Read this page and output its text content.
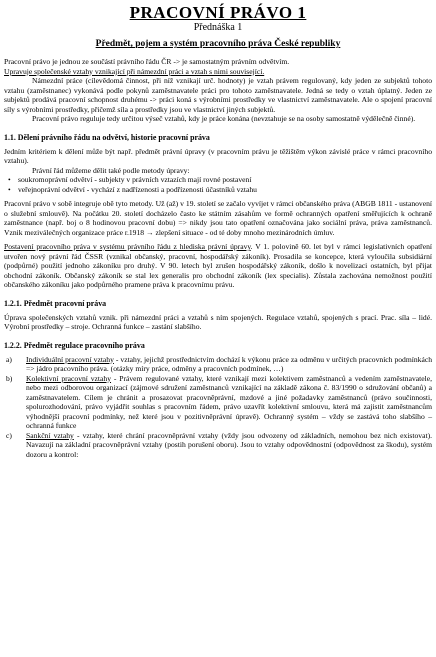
PRACOVNÍ PRÁVO 1
Přednáška 1
Předmět, pojem a systém pracovního práva České republiky

Pracovní právo je jednou ze součástí právního řádu ČR -> je samostatným právním odvětvím.

Upravuje společenské vztahy vznikající při námezdní práci a vztah s nimi související.

Námezdní práce (cílevědomá činnost, při níž vznikají urč. hodnoty) je vztah právem regulovaný, kdy jeden ze subjektů tohoto vztahu (zaměstnanec) vykonává podle pokynů zaměstnavatele práci pro tohoto zaměstnavatele. Jedná se tedy o vztah úplatný. Jeden ze subjektů prodává pracovní schopnost druhému -> práci koná s výrobními prostředky ve vlastnictví zaměstnavatele. Ale o spojení pracovní síly s výrobními prostředky, přičemž síla a prostředky jsou ve vlastnictví jiných subjektů.

Pracovní právo reguluje tedy určitou výseč vztahů, kdy je práce konána (nevztahuje se na osoby samostatně výdělečně činné).

1.1. Dělení právního řádu na odvětví, historie pracovní práva

Jedním kritériem k dělení může být např. předmět právní úpravy (v pracovním právu je těžištěm výkon závislé práce v rámci pracovního vztahu).

Právní řád můžeme dělit také podle metody úpravy:

• soukromoprávní odvětví - subjekty v právních vztazích mají rovné postavení
• veřejnoprávní odvětví - vychází z nadřízenosti a podřízenosti účastníků vztahu

Pracovní právo v sobě integruje obě tyto metody. Už (až) v 19. století se začalo vyvíjet v rámci občanského práva (ABGB 1811 - ustanovení o služební smlouvě). Na počátku 20. století docházelo často ke státním zásahům ve formě ochranných opatření směřujících k ochraně zaměstnance (např. boj o 8 hodinovou pracovní dobu) => nikdy jsou tato opatření označována jako sociální práva, práva zaměstnanců. Vznik meziválečných organizace práce r.1918 → zlepšení situace - od té doby mnoho mezinárodních úmluv.

Postavení pracovního práva v systému právního řádu z hlediska právní úpravy. V 1. polovině 60. let byl v rámci legislativních opatření utvořen nový právní řád ČSSR (vznikal občanský, pracovní, hospodářský zákoník). Prosadila se koncepce, která vyloučila subsidiární (podpůrné) použití jednoho zákoníku pro druhý. V 90. letech byl zrušen hospodářský zákoník, došlo k novelizaci ostatních, byl přijat obchodní zákoník. Občanský zákoník se stal lex generalis pro obchodní zákoník (lex specialis). Zůstala zachována nemožnost použití občanského zákoníku jako podpůrného pramene práva k pracovnímu právu.

1.2.1. Předmět pracovní práva

Úprava společenských vztahů vznik. při námezdní práci a vztahů s ním spojených. Regulace vztahů, spojených s prací. Prac. síla – lidé. Výrobní prostředky – stroje. Ochranná funkce – zastání slabšího.

1.2.2. Předmět regulace pracovního práva
a) Individuální pracovní vztahy - vztahy, jejichž prostřednictvím dochází k výkonu práce za odměnu v určitých pracovních podmínkách => jádro pracovního práva. (otázky míry práce, odměny a pracovních podmínek, …)
b) Kolektivní pracovní vztahy - Právem regulované vztahy, které vznikají mezi kolektivem zaměstnanců a vedením zaměstnavatele, nebo mezi odborovou organizací (zájmové sdružení zaměstnanců vznikající na základě zákona č. 83/1990 o sdružování občanů) a zaměstnavatelem. Cílem je chránit a prosazovat pracovněprávní, mzdové a jiné požadavky zaměstnanců (právo součinnosti, spolurozhodování, právo vyjádřit souhlas s pracovním řádem, právo uzavřít kolektivní smlouvu, která má zajistit zaměstnancům výhodnější pracovní podmínky, než které jsou v pozitivněprávní úpravě). Ochranný systém – vždy se zastává toho slabšího – ochranná funkce
c) Sankční vztahy - vztahy, které chrání pracovněprávní vztahy (vždy jsou odvozeny od základních, nemohou bez nich existovat). Navazují na základní pracovněprávní vztahy (postih porušení oboru). Jsou to vztahy odpovědnostní (odpovědnost za škodu), systém dozoru a kontrol:
